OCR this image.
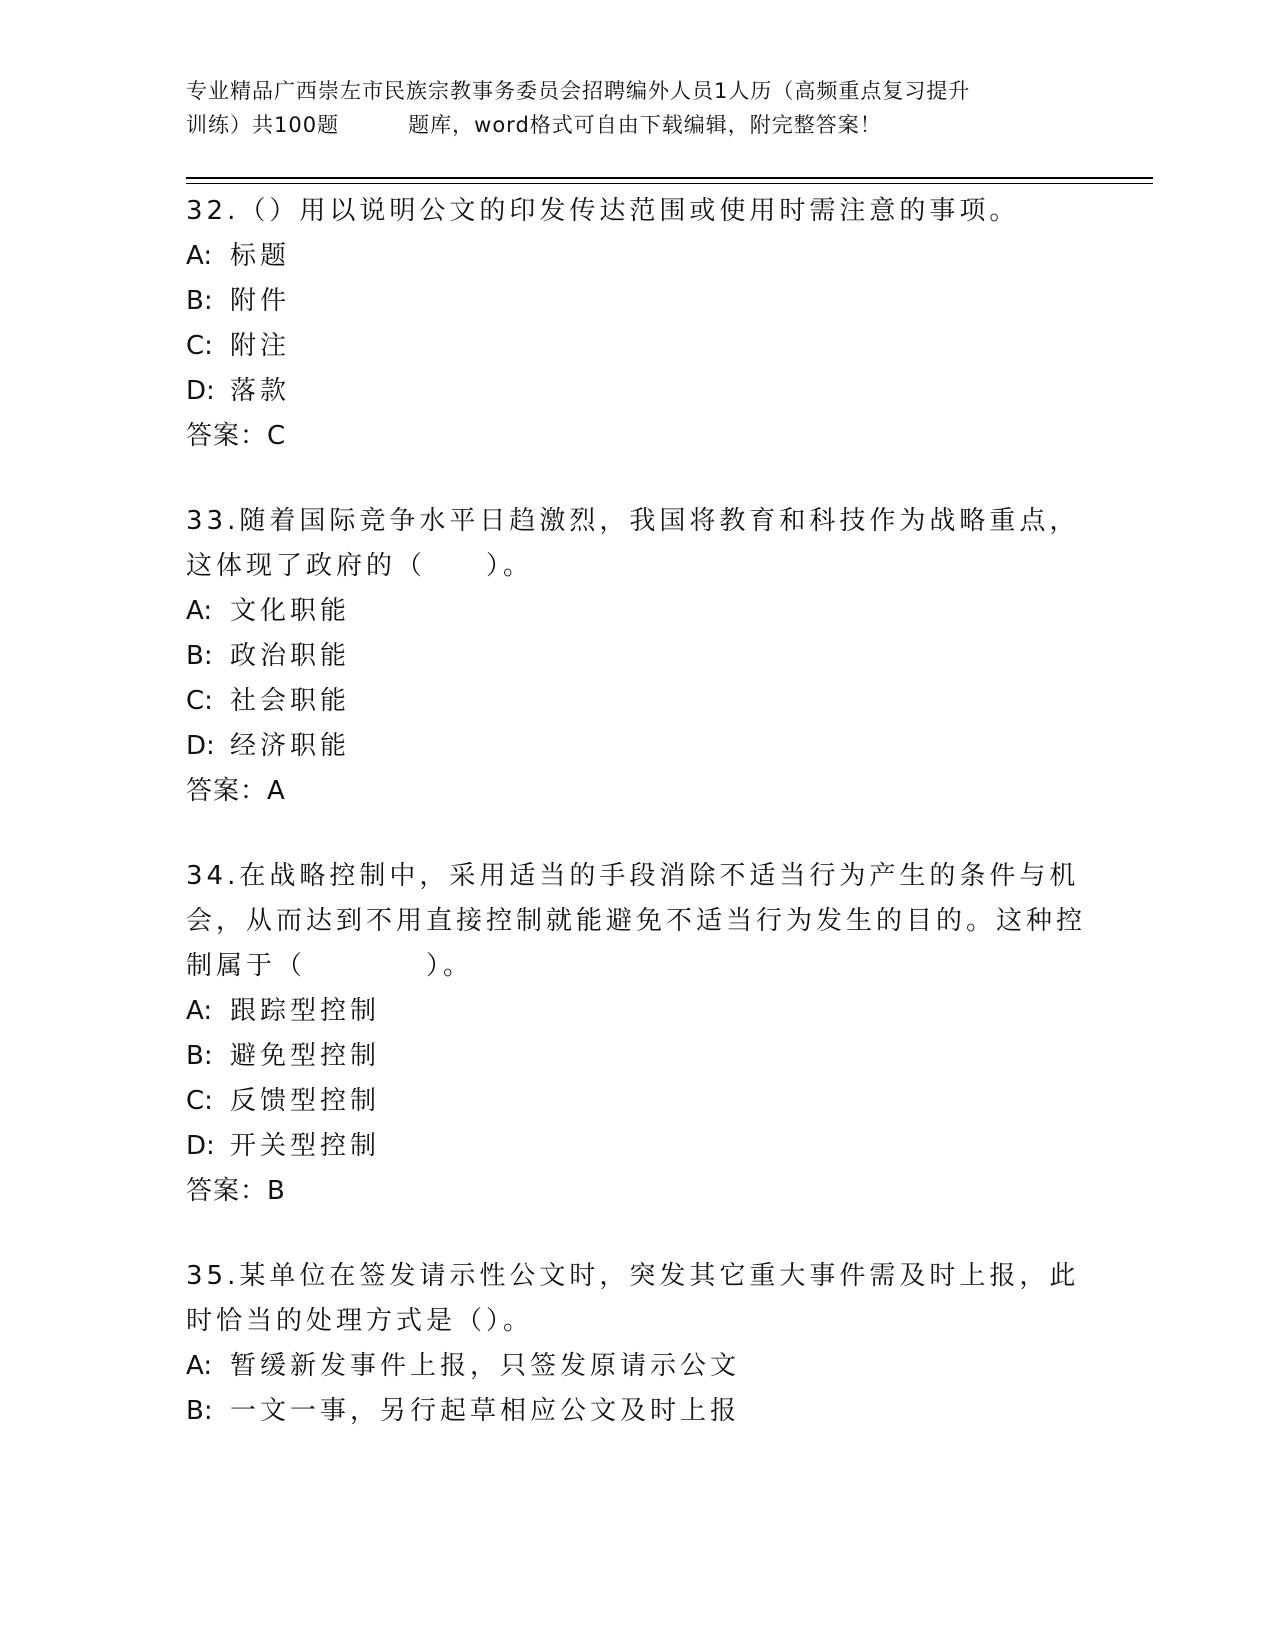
专业精品广西崇左市民族宗教事务委员会招聘编外人员1人历（高频重点复习提升
训练）共100题         题库，word格式可自由下载编辑，附完整答案！
32.（）用以说明公文的印发传达范围或使用时需注意的事项。
A: 标题
B: 附件
C: 附注
D: 落款
答案：C
33.随着国际竞争水平日趋激烈，我国将教育和科技作为战略重点，这体现了政府的（　　）。
A: 文化职能
B: 政治职能
C: 社会职能
D: 经济职能
答案：A
34.在战略控制中，采用适当的手段消除不适当行为产生的条件与机会，从而达到不用直接控制就能避免不适当行为发生的目的。这种控制属于（　　　　）。
A: 跟踪型控制
B: 避免型控制
C: 反馈型控制
D: 开关型控制
答案：B
35.某单位在签发请示性公文时，突发其它重大事件需及时上报，此时恰当的处理方式是（）。
A: 暂缓新发事件上报，只签发原请示公文
B: 一文一事，另行起草相应公文及时上报
